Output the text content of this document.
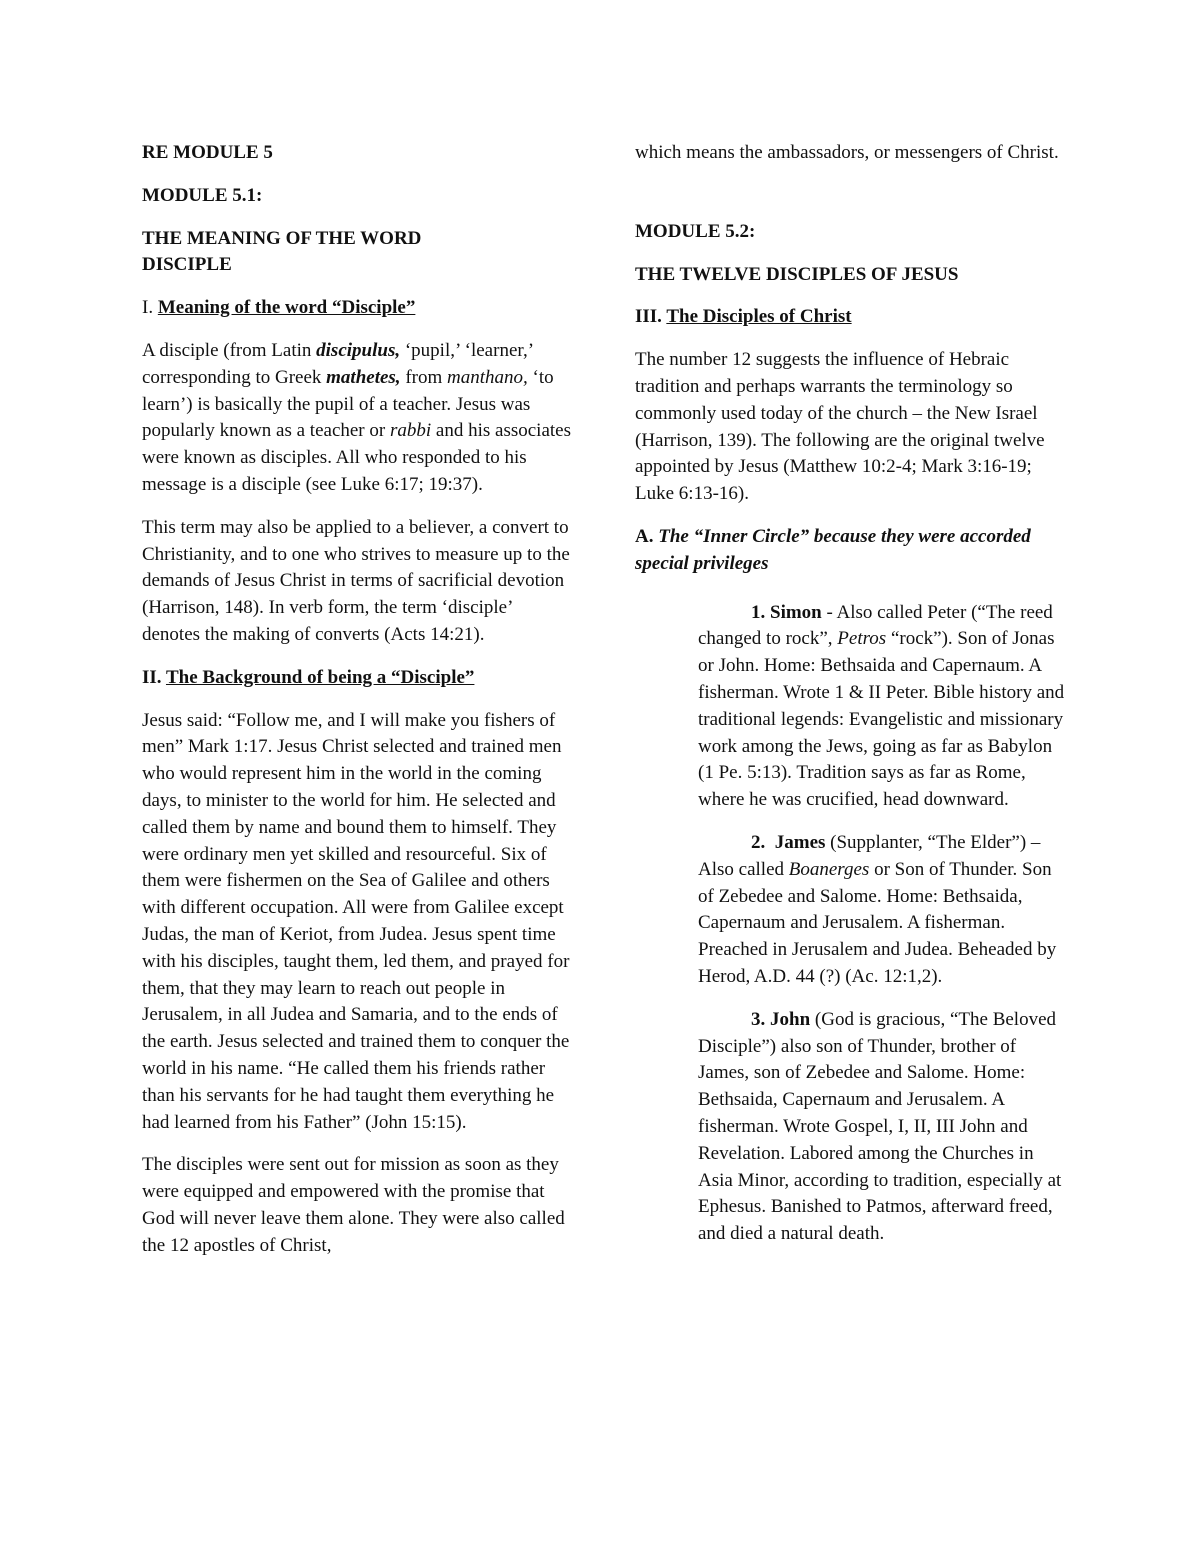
RE MODULE 5

MODULE 5.1:

THE MEANING OF THE WORD DISCIPLE

I. Meaning of the word “Disciple”

A disciple (from Latin discipulus, ‘pupil,’ ‘learner,’ corresponding to Greek mathetes, from manthano, ‘to learn’) is basically the pupil of a teacher. Jesus was popularly known as a teacher or rabbi and his associates were known as disciples. All who responded to his message is a disciple (see Luke 6:17; 19:37).

This term may also be applied to a believer, a convert to Christianity, and to one who strives to measure up to the demands of Jesus Christ in terms of sacrificial devotion (Harrison, 148). In verb form, the term ‘disciple’ denotes the making of converts (Acts 14:21).

II. The Background of being a “Disciple”

Jesus said: “Follow me, and I will make you fishers of men” Mark 1:17. Jesus Christ selected and trained men who would represent him in the world in the coming days, to minister to the world for him. He selected and called them by name and bound them to himself. They were ordinary men yet skilled and resourceful. Six of them were fishermen on the Sea of Galilee and others with different occupation. All were from Galilee except Judas, the man of Keriot, from Judea. Jesus spent time with his disciples, taught them, led them, and prayed for them, that they may learn to reach out people in Jerusalem, in all Judea and Samaria, and to the ends of the earth. Jesus selected and trained them to conquer the world in his name. “He called them his friends rather than his servants for he had taught them everything he had learned from his Father” (John 15:15).

The disciples were sent out for mission as soon as they were equipped and empowered with the promise that God will never leave them alone. They were also called the 12 apostles of Christ,

which means the ambassadors, or messengers of Christ.

MODULE 5.2:

THE TWELVE DISCIPLES OF JESUS

III. The Disciples of Christ

The number 12 suggests the influence of Hebraic tradition and perhaps warrants the terminology so commonly used today of the church – the New Israel (Harrison, 139). The following are the original twelve appointed by Jesus (Matthew 10:2-4; Mark 3:16-19; Luke 6:13-16).

A. The “Inner Circle” because they were accorded special privileges

1. Simon - Also called Peter (“The reed changed to rock”, Petros “rock”). Son of Jonas or John. Home: Bethsaida and Capernaum. A fisherman. Wrote 1 & II Peter. Bible history and traditional legends: Evangelistic and missionary work among the Jews, going as far as Babylon (1 Pe. 5:13). Tradition says as far as Rome, where he was crucified, head downward.

2. James (Supplanter, “The Elder”) – Also called Boanerges or Son of Thunder. Son of Zebedee and Salome. Home: Bethsaida, Capernaum and Jerusalem. A fisherman. Preached in Jerusalem and Judea. Beheaded by Herod, A.D. 44 (?) (Ac. 12:1,2).

3. John (God is gracious, “The Beloved Disciple”) also son of Thunder, brother of James, son of Zebedee and Salome. Home: Bethsaida, Capernaum and Jerusalem. A fisherman. Wrote Gospel, I, II, III John and Revelation. Labored among the Churches in Asia Minor, according to tradition, especially at Ephesus. Banished to Patmos, afterward freed, and died a natural death.
